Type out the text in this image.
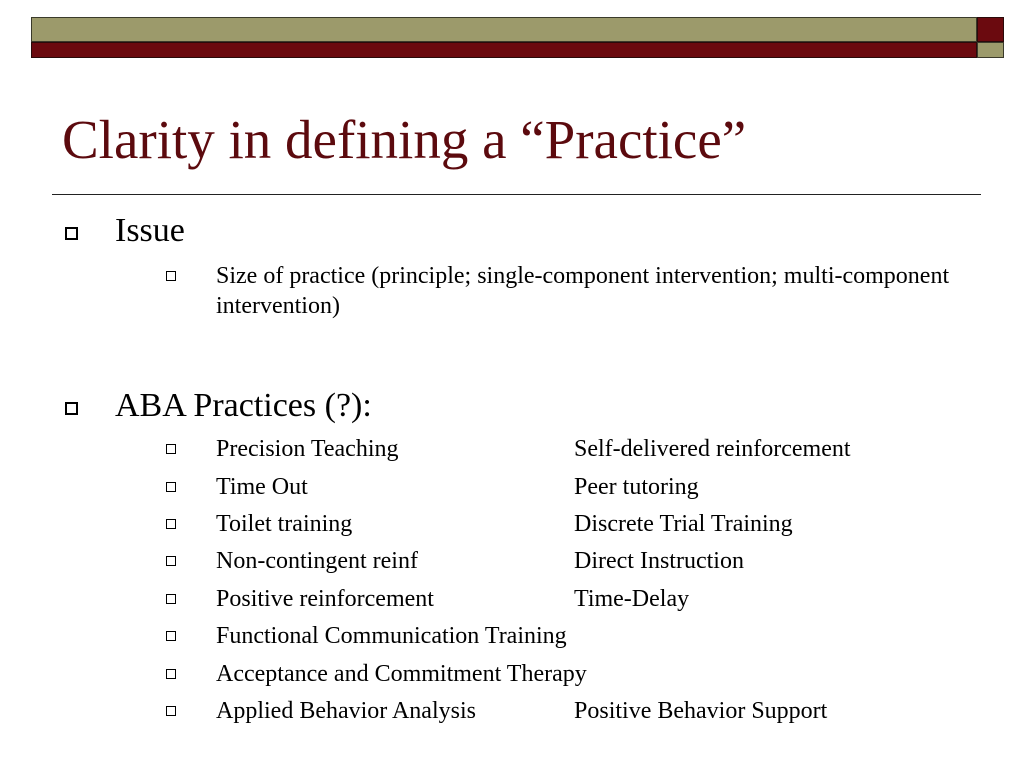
Clarity in defining a “Practice”
Issue
Size of practice (principle; single-component intervention; multi-component intervention)
ABA Practices (?):
Precision Teaching	Self-delivered reinforcement
Time Out	Peer tutoring
Toilet training	Discrete Trial Training
Non-contingent reinf	Direct Instruction
Positive reinforcement	Time-Delay
Functional Communication Training
Acceptance and Commitment Therapy
Applied Behavior Analysis	Positive Behavior Support
